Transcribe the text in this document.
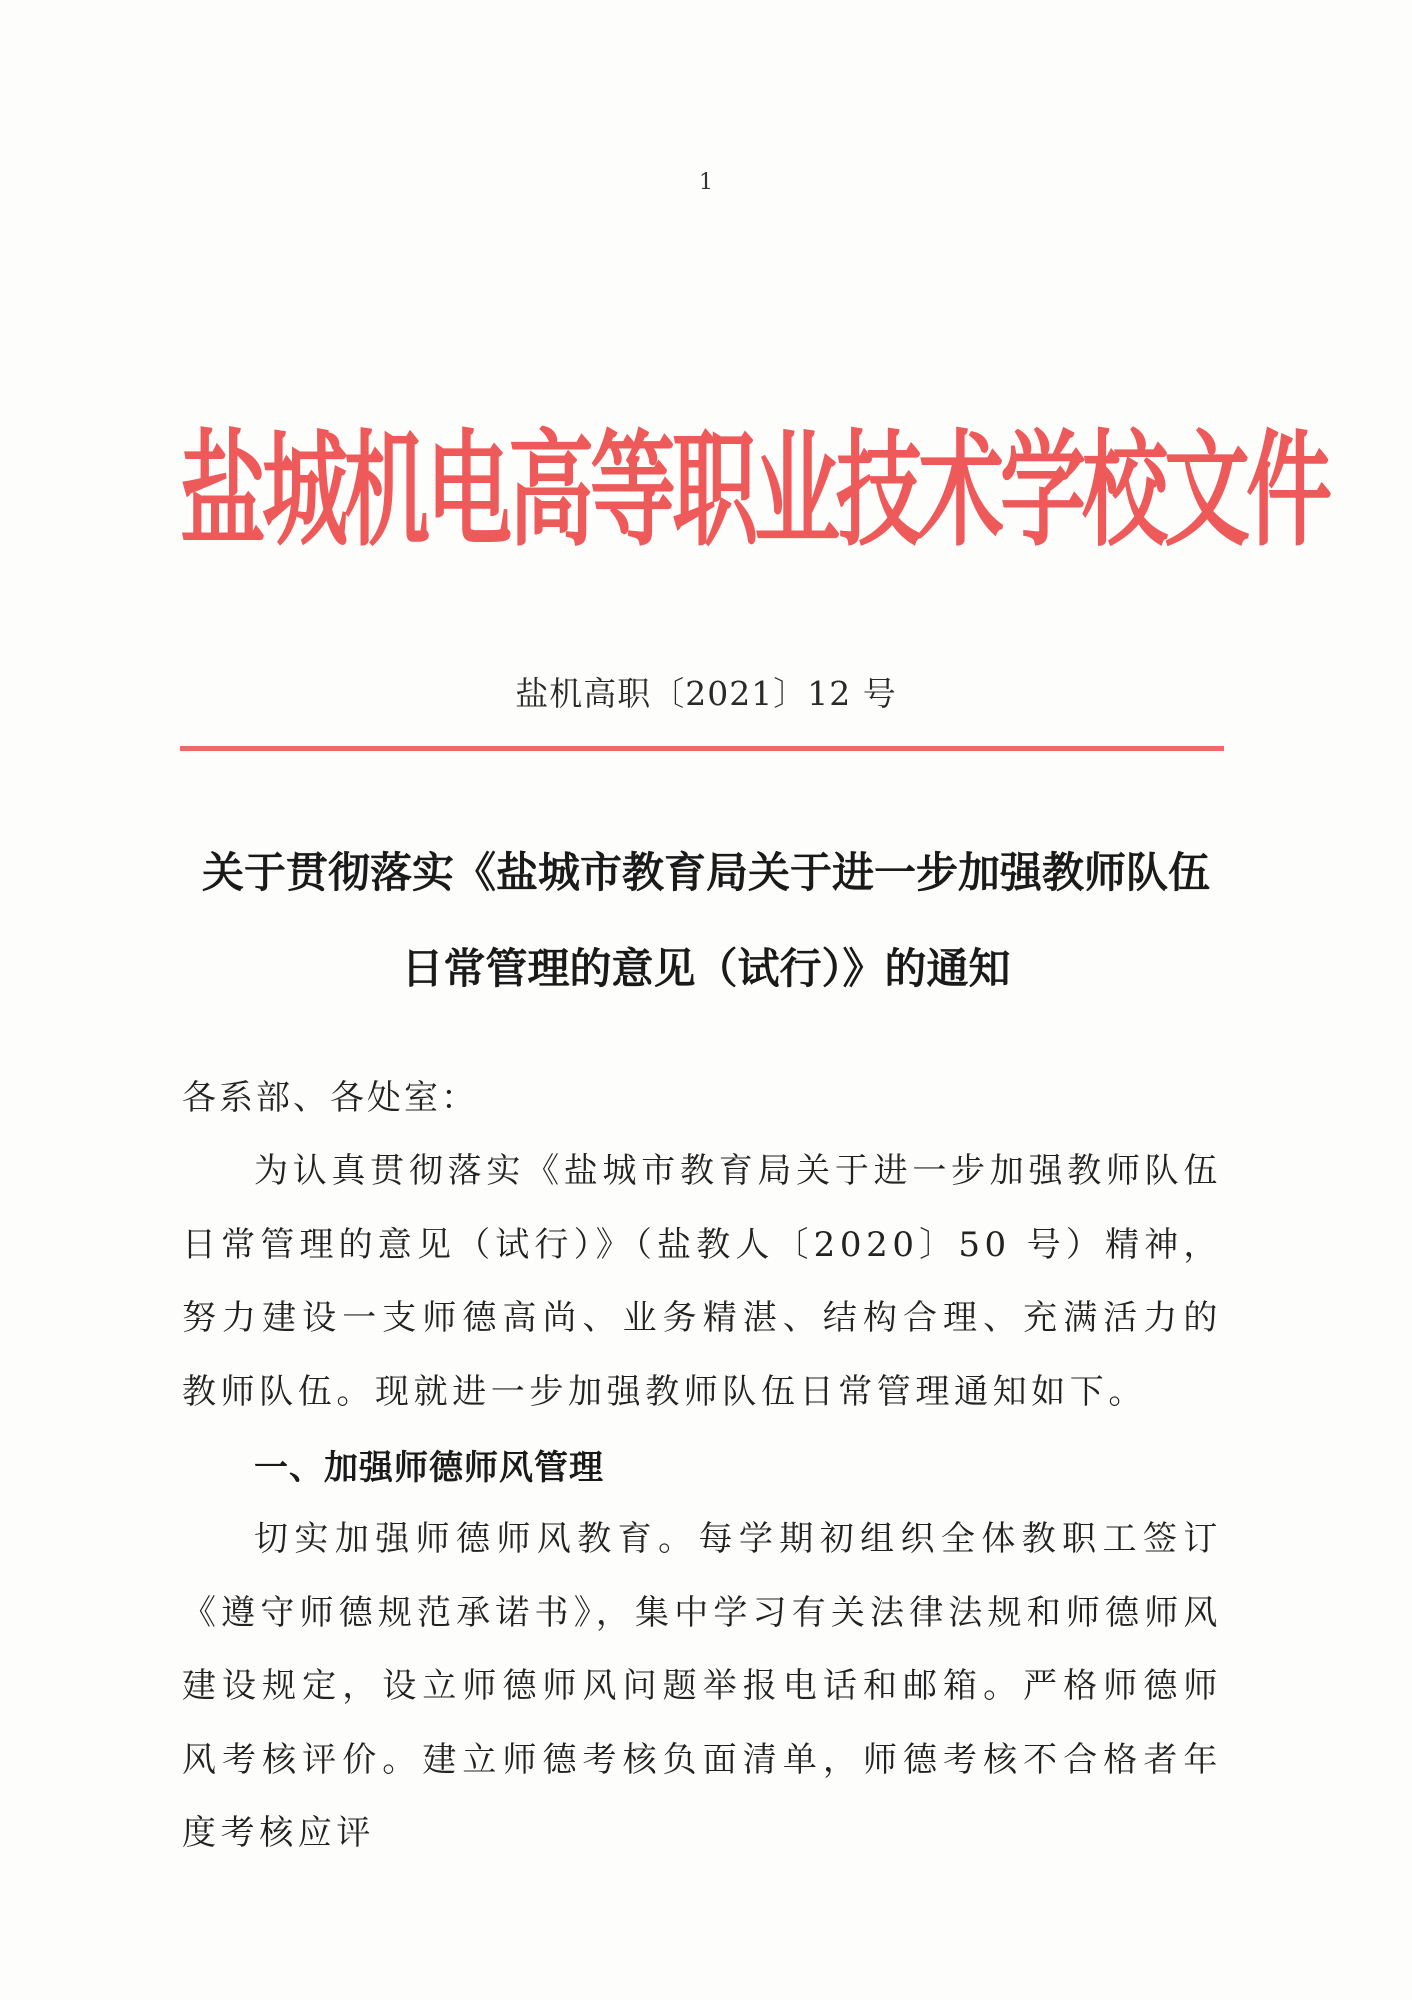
1
盐城机电高等职业技术学校文件
盐机高职〔2021〕12 号
关于贯彻落实《盐城市教育局关于进一步加强教师队伍
日常管理的意见（试行）》的通知
各系部、各处室：
为认真贯彻落实《盐城市教育局关于进一步加强教师队伍日常管理的意见（试行）》（盐教人〔2020〕50 号）精神，努力建设一支师德高尚、业务精湛、结构合理、充满活力的教师队伍。现就进一步加强教师队伍日常管理通知如下。
一、加强师德师风管理
切实加强师德师风教育。每学期初组织全体教职工签订《遵守师德规范承诺书》，集中学习有关法律法规和师德师风建设规定，设立师德师风问题举报电话和邮箱。严格师德师风考核评价。建立师德考核负面清单，师德考核不合格者年度考核应评
